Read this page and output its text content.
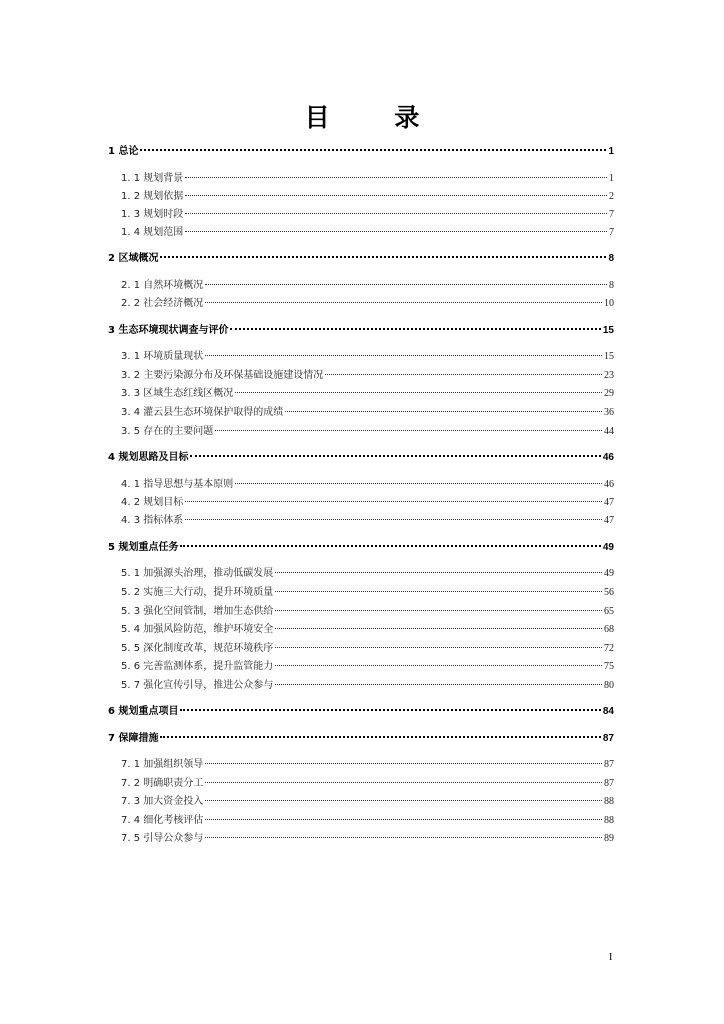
目 录
1 总论	1
1. 1 规划背景	1
1. 2 规划依据	2
1. 3 规划时段	7
1. 4 规划范围	7
2 区域概况	8
2. 1 自然环境概况	8
2. 2 社会经济概况	10
3 生态环境现状调查与评价	15
3. 1 环境质量现状	15
3. 2 主要污染源分布及环保基础设施建设情况	23
3. 3 区域生态红线区概况	29
3. 4 灌云县生态环境保护取得的成绩	36
3. 5 存在的主要问题	44
4 规划思路及目标	46
4. 1 指导思想与基本原则	46
4. 2 规划目标	47
4. 3 指标体系	47
5 规划重点任务	49
5. 1 加强源头治理，推动低碳发展	49
5. 2 实施三大行动，提升环境质量	56
5. 3 强化空间管制，增加生态供给	65
5. 4 加强风险防范，维护环境安全	68
5. 5 深化制度改革，规范环境秩序	72
5. 6 完善监测体系，提升监管能力	75
5. 7 强化宣传引导，推进公众参与	80
6 规划重点项目	84
7 保障措施	87
7. 1 加强组织领导	87
7. 2 明确职责分工	87
7. 3 加大资金投入	88
7. 4 细化考核评估	88
7. 5 引导公众参与	89
I
